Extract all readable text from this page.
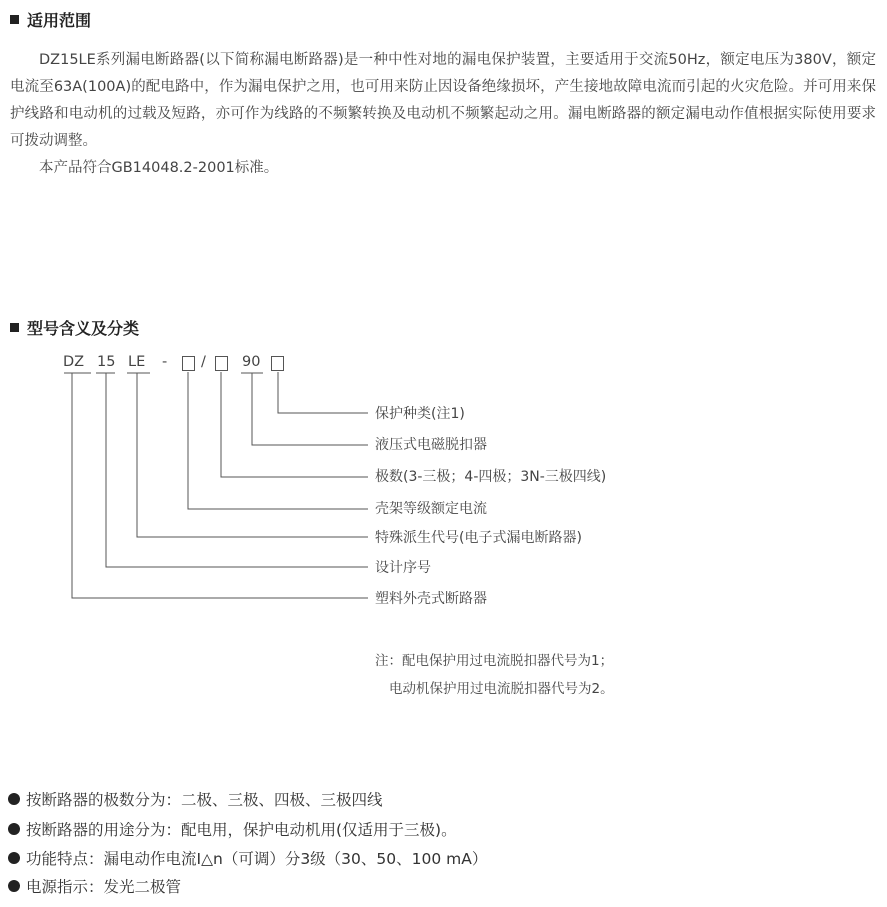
适用范围

DZ15LE系列漏电断路器(以下简称漏电断路器)是一种中性对地的漏电保护装置，主要适用于交流50Hz，额定电压为380V，额定电流至63A(100A)的配电路中，作为漏电保护之用，也可用来防止因设备绝缘损坏，产生接地故障电流而引起的火灾危险。并可用来保护线路和电动机的过载及短路，亦可作为线路的不频繁转换及电动机不频繁起动之用。漏电断路器的额定漏电动作值根据实际使用要求可拨动调整。

本产品符合GB14048.2-2001标准。

型号含义及分类
DZ 15 LE - / 90
保护种类(注1)
液压式电磁脱扣器
极数(3-三极；4-四极；3N-三极四线)
壳架等级额定电流
特殊派生代号(电子式漏电断路器)
设计序号
塑料外壳式断路器
注：配电保护用过电流脱扣器代号为1；
电动机保护用过电流脱扣器代号为2。
按断路器的极数分为：二极、三极、四极、三极四线
按断路器的用途分为：配电用，保护电动机用(仅适用于三极)。
功能特点：漏电动作电流I△n（可调）分3级（30、50、100 mA）
电源指示：发光二极管
